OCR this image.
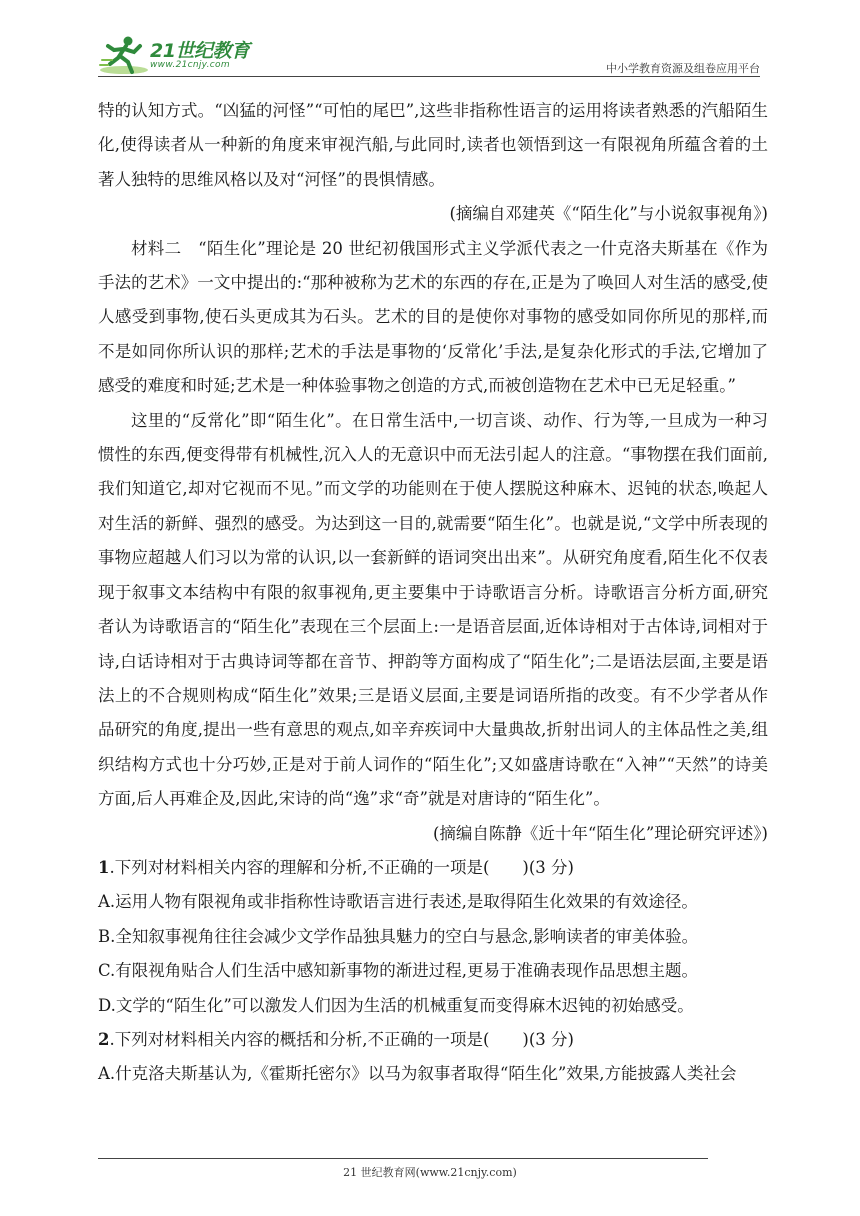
21世纪教育
www.21cnjy.com	中小学教育资源及组卷应用平台

特的认知方式。“凶猛的河怪”“可怕的尾巴”,这些非指称性语言的运用将读者熟悉的汽船陌生化,使得读者从一种新的角度来审视汽船,与此同时,读者也领悟到这一有限视角所蕴含着的土著人独特的思维风格以及对“河怪”的畏惧情感。

(摘编自邓建英《“陌生化”与小说叙事视角》)

材料二　“陌生化”理论是 20 世纪初俄国形式主义学派代表之一什克洛夫斯基在《作为手法的艺术》一文中提出的:“那种被称为艺术的东西的存在,正是为了唤回人对生活的感受,使人感受到事物,使石头更成其为石头。艺术的目的是使你对事物的感受如同你所见的那样,而不是如同你所认识的那样;艺术的手法是事物的‘反常化’手法,是复杂化形式的手法,它增加了感受的难度和时延;艺术是一种体验事物之创造的方式,而被创造物在艺术中已无足轻重。”

这里的“反常化”即“陌生化”。在日常生活中,一切言谈、动作、行为等,一旦成为一种习惯性的东西,便变得带有机械性,沉入人的无意识中而无法引起人的注意。“事物摆在我们面前,我们知道它,却对它视而不见。”而文学的功能则在于使人摆脱这种麻木、迟钝的状态,唤起人对生活的新鲜、强烈的感受。为达到这一目的,就需要“陌生化”。也就是说,“文学中所表现的事物应超越人们习以为常的认识,以一套新鲜的语词突出出来”。从研究角度看,陌生化不仅表现于叙事文本结构中有限的叙事视角,更主要集中于诗歌语言分析。诗歌语言分析方面,研究者认为诗歌语言的“陌生化”表现在三个层面上:一是语音层面,近体诗相对于古体诗,词相对于诗,白话诗相对于古典诗词等都在音节、押韵等方面构成了“陌生化”;二是语法层面,主要是语法上的不合规则构成“陌生化”效果;三是语义层面,主要是词语所指的改变。有不少学者从作品研究的角度,提出一些有意思的观点,如辛弃疾词中大量典故,折射出词人的主体品性之美,组织结构方式也十分巧妙,正是对于前人词作的“陌生化”;又如盛唐诗歌在“入神”“天然”的诗美方面,后人再难企及,因此,宋诗的尚“逸”求“奇”就是对唐诗的“陌生化”。

(摘编自陈静《近十年“陌生化”理论研究评述》)

1.下列对材料相关内容的理解和分析,不正确的一项是(　　)(3 分)

A.运用人物有限视角或非指称性诗歌语言进行表述,是取得陌生化效果的有效途径。

B.全知叙事视角往往会减少文学作品独具魅力的空白与悬念,影响读者的审美体验。

C.有限视角贴合人们生活中感知新事物的渐进过程,更易于准确表现作品思想主题。

D.文学的“陌生化”可以激发人们因为生活的机械重复而变得麻木迟钝的初始感受。

2.下列对材料相关内容的概括和分析,不正确的一项是(　　)(3 分)

A.什克洛夫斯基认为,《霍斯托密尔》以马为叙事者取得“陌生化”效果,方能披露人类社会

21 世纪教育网(www.21cnjy.com)
